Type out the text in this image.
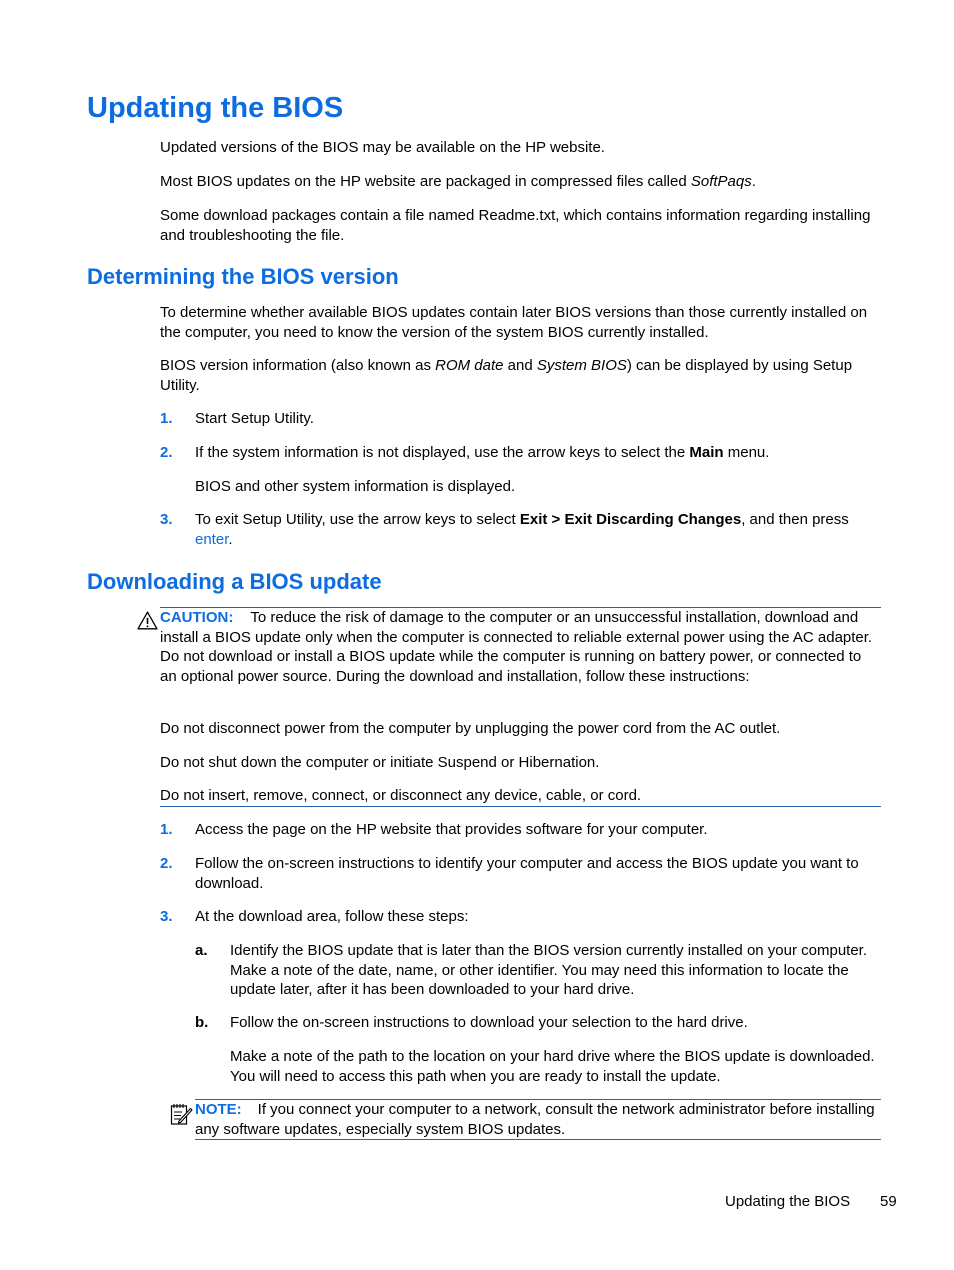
Updating the BIOS
Updated versions of the BIOS may be available on the HP website.
Most BIOS updates on the HP website are packaged in compressed files called SoftPaqs.
Some download packages contain a file named Readme.txt, which contains information regarding installing and troubleshooting the file.
Determining the BIOS version
To determine whether available BIOS updates contain later BIOS versions than those currently installed on the computer, you need to know the version of the system BIOS currently installed.
BIOS version information (also known as ROM date and System BIOS) can be displayed by using Setup Utility.
1. Start Setup Utility.
2. If the system information is not displayed, use the arrow keys to select the Main menu.
BIOS and other system information is displayed.
3. To exit Setup Utility, use the arrow keys to select Exit > Exit Discarding Changes, and then press enter.
Downloading a BIOS update
CAUTION: To reduce the risk of damage to the computer or an unsuccessful installation, download and install a BIOS update only when the computer is connected to reliable external power using the AC adapter. Do not download or install a BIOS update while the computer is running on battery power, or connected to an optional power source. During the download and installation, follow these instructions:
Do not disconnect power from the computer by unplugging the power cord from the AC outlet.
Do not shut down the computer or initiate Suspend or Hibernation.
Do not insert, remove, connect, or disconnect any device, cable, or cord.
1. Access the page on the HP website that provides software for your computer.
2. Follow the on-screen instructions to identify your computer and access the BIOS update you want to download.
3. At the download area, follow these steps:
a. Identify the BIOS update that is later than the BIOS version currently installed on your computer. Make a note of the date, name, or other identifier. You may need this information to locate the update later, after it has been downloaded to your hard drive.
b. Follow the on-screen instructions to download your selection to the hard drive.
Make a note of the path to the location on your hard drive where the BIOS update is downloaded. You will need to access this path when you are ready to install the update.
NOTE: If you connect your computer to a network, consult the network administrator before installing any software updates, especially system BIOS updates.
Updating the BIOS 59
